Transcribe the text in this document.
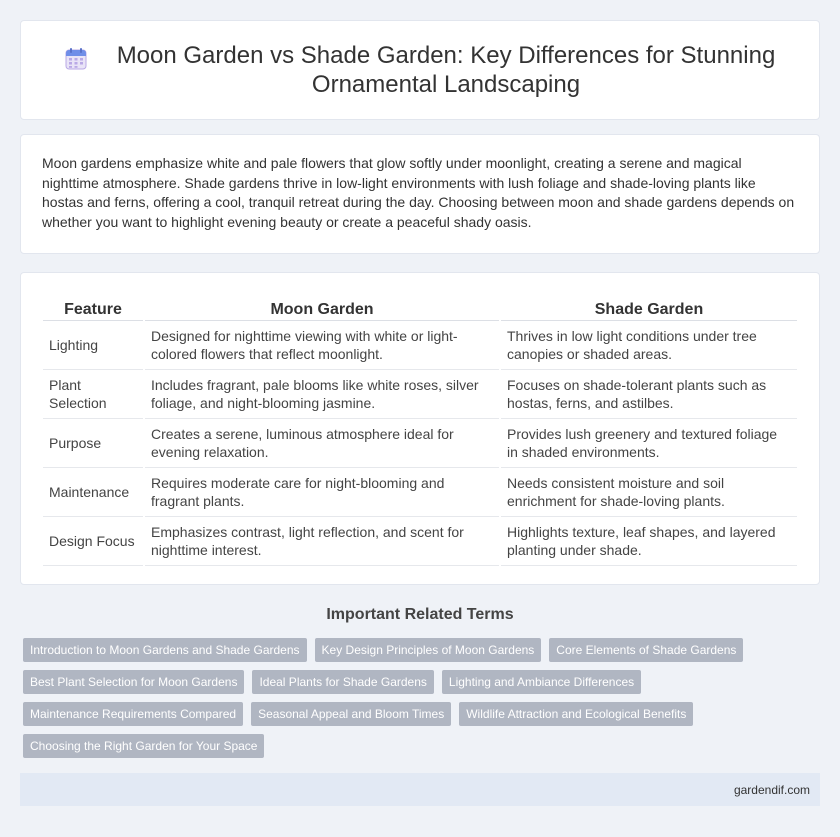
Moon Garden vs Shade Garden: Key Differences for Stunning Ornamental Landscaping

Moon gardens emphasize white and pale flowers that glow softly under moonlight, creating a serene and magical nighttime atmosphere. Shade gardens thrive in low-light environments with lush foliage and shade-loving plants like hostas and ferns, offering a cool, tranquil retreat during the day. Choosing between moon and shade gardens depends on whether you want to highlight evening beauty or create a peaceful shady oasis.

Feature	Moon Garden	Shade Garden
Lighting	Designed for nighttime viewing with white or light-colored flowers that reflect moonlight.	Thrives in low light conditions under tree canopies or shaded areas.
Plant Selection	Includes fragrant, pale blooms like white roses, silver foliage, and night-blooming jasmine.	Focuses on shade-tolerant plants such as hostas, ferns, and astilbes.
Purpose	Creates a serene, luminous atmosphere ideal for evening relaxation.	Provides lush greenery and textured foliage in shaded environments.
Maintenance	Requires moderate care for night-blooming and fragrant plants.	Needs consistent moisture and soil enrichment for shade-loving plants.
Design Focus	Emphasizes contrast, light reflection, and scent for nighttime interest.	Highlights texture, leaf shapes, and layered planting under shade.
Important Related Terms
Introduction to Moon Gardens and Shade Gardens	Key Design Principles of Moon Gardens	Core Elements of Shade Gardens
Best Plant Selection for Moon Gardens	Ideal Plants for Shade Gardens	Lighting and Ambiance Differences
Maintenance Requirements Compared	Seasonal Appeal and Bloom Times	Wildlife Attraction and Ecological Benefits
Choosing the Right Garden for Your Space
gardendif.com
